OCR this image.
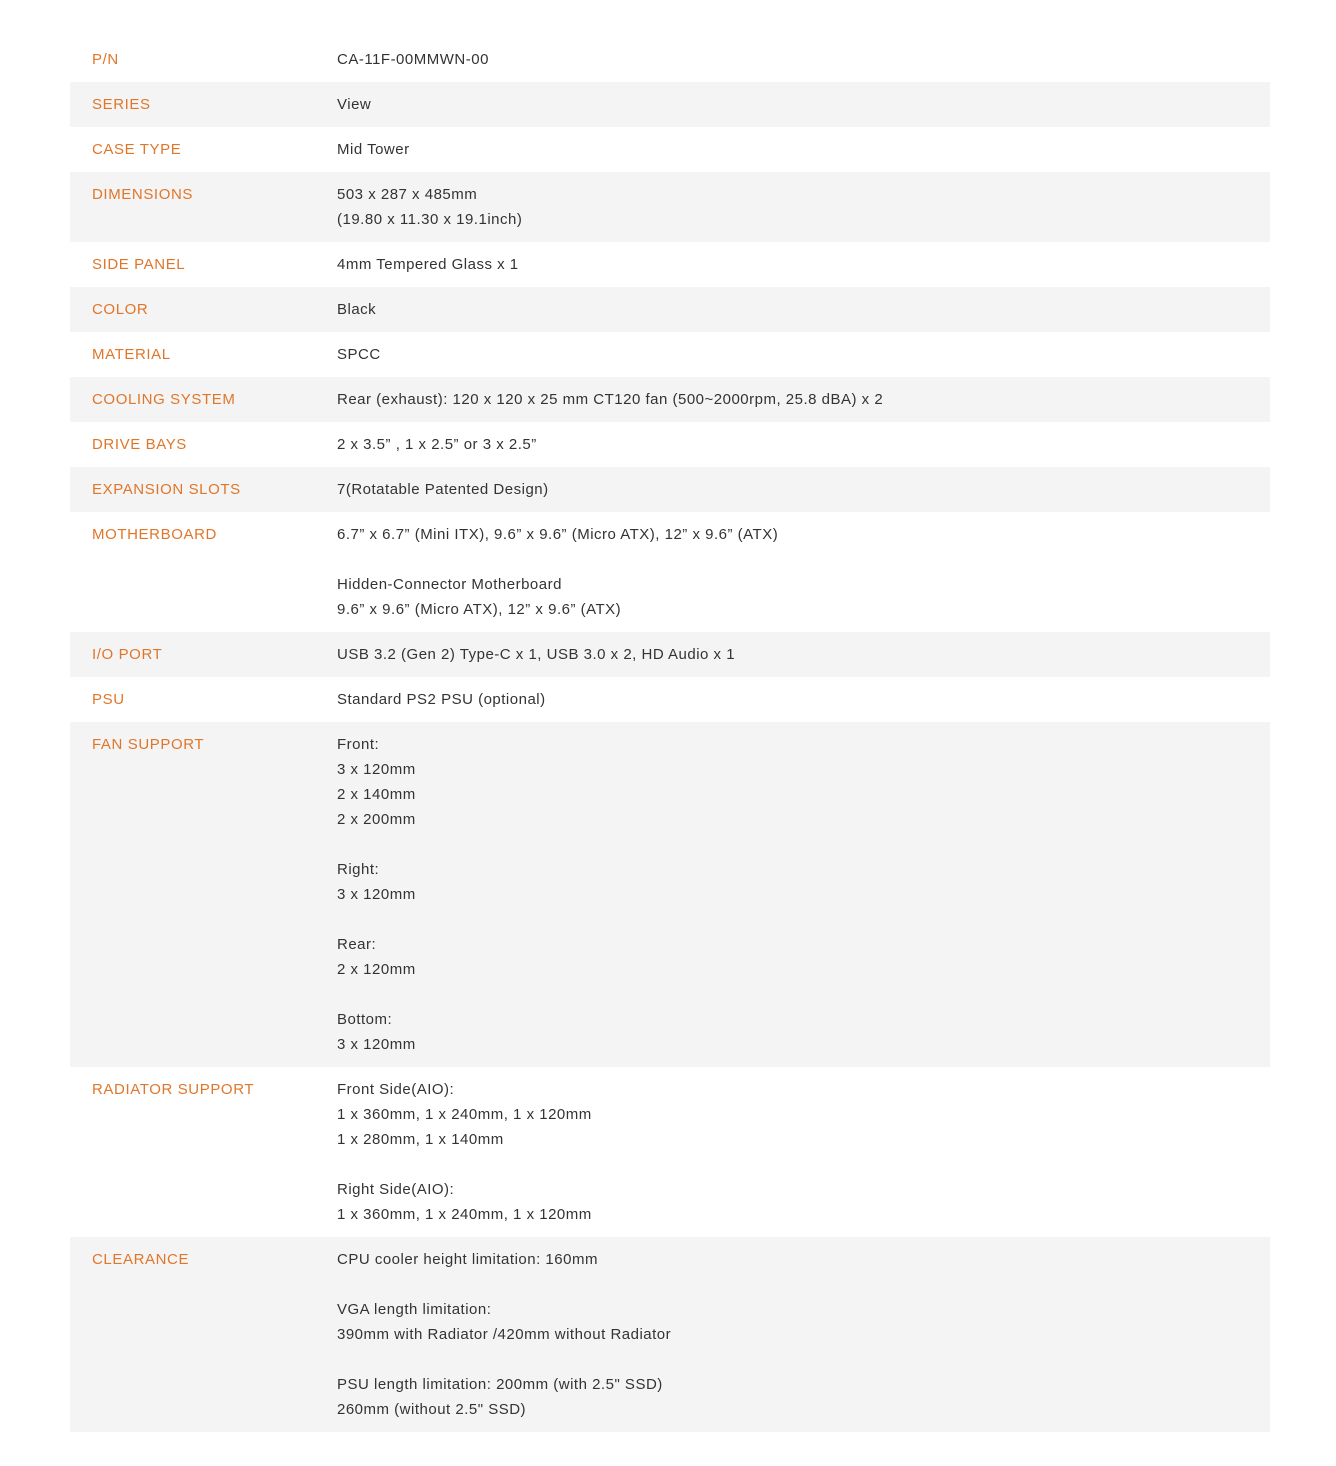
P/N	CA-11F-00MMWN-00
SERIES	View
CASE TYPE	Mid Tower
DIMENSIONS	503 x 287 x 485mm
(19.80 x 11.30 x 19.1inch)
SIDE PANEL	4mm Tempered Glass x 1
COLOR	Black
MATERIAL	SPCC
COOLING SYSTEM	Rear (exhaust): 120 x 120 x 25 mm CT120 fan (500~2000rpm, 25.8 dBA) x 2
DRIVE BAYS	2 x 3.5” , 1 x 2.5” or 3 x 2.5”
EXPANSION SLOTS	7(Rotatable Patented Design)
MOTHERBOARD	6.7” x 6.7” (Mini ITX), 9.6” x 9.6” (Micro ATX), 12” x 9.6” (ATX)
Hidden-Connector Motherboard
9.6” x 9.6” (Micro ATX), 12” x 9.6” (ATX)
I/O PORT	USB 3.2 (Gen 2) Type-C x 1, USB 3.0 x 2, HD Audio x 1
PSU	Standard PS2 PSU (optional)
FAN SUPPORT	Front:
3 x 120mm
2 x 140mm
2 x 200mm
Right:
3 x 120mm
Rear:
2 x 120mm
Bottom:
3 x 120mm
RADIATOR SUPPORT	Front Side(AIO):
1 x 360mm, 1 x 240mm, 1 x 120mm
1 x 280mm, 1 x 140mm
Right Side(AIO):
1 x 360mm, 1 x 240mm, 1 x 120mm
CLEARANCE	CPU cooler height limitation: 160mm
VGA length limitation:
390mm with Radiator /420mm without Radiator
PSU length limitation: 200mm (with 2.5" SSD)
260mm (without 2.5" SSD)
